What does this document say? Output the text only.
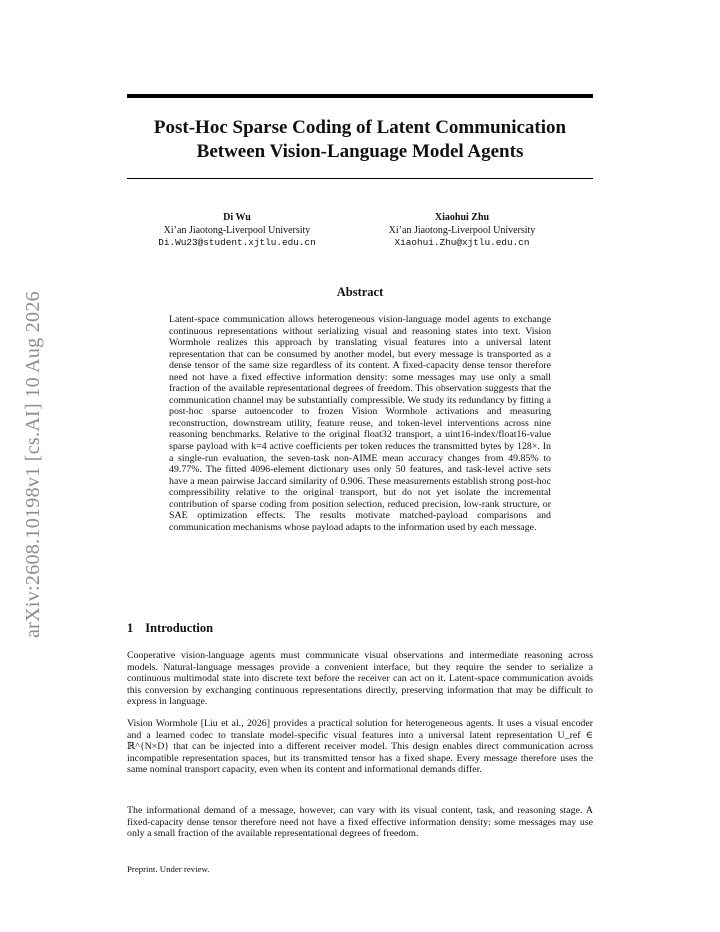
Post-Hoc Sparse Coding of Latent Communication Between Vision-Language Model Agents
Di Wu
Xi’an Jiaotong-Liverpool University
Di.Wu23@student.xjtlu.edu.cn
Xiaohui Zhu
Xi’an Jiaotong-Liverpool University
Xiaohui.Zhu@xjtlu.edu.cn
Abstract
Latent-space communication allows heterogeneous vision-language model agents to exchange continuous representations without serializing visual and reasoning states into text. Vision Wormhole realizes this approach by translating visual features into a universal latent representation that can be consumed by another model, but every message is transported as a dense tensor of the same size regardless of its content. A fixed-capacity dense tensor therefore need not have a fixed effective information density: some messages may use only a small fraction of the available representational degrees of freedom. This observation suggests that the communication channel may be substantially compressible. We study its redundancy by fitting a post-hoc sparse autoencoder to frozen Vision Wormhole activations and measuring reconstruction, downstream utility, feature reuse, and token-level interventions across nine reasoning benchmarks. Relative to the original float32 transport, a uint16-index/float16-value sparse payload with k=4 active coefficients per token reduces the transmitted bytes by 128×. In a single-run evaluation, the seven-task non-AIME mean accuracy changes from 49.85% to 49.77%. The fitted 4096-element dictionary uses only 50 features, and task-level active sets have a mean pairwise Jaccard similarity of 0.906. These measurements establish strong post-hoc compressibility relative to the original transport, but do not yet isolate the incremental contribution of sparse coding from position selection, reduced precision, low-rank structure, or SAE optimization effects. The results motivate matched-payload comparisons and communication mechanisms whose payload adapts to the information used by each message.
arXiv:2608.10198v1 [cs.AI] 10 Aug 2026	1 Introduction
Cooperative vision-language agents must communicate visual observations and intermediate reasoning across models. Natural-language messages provide a convenient interface, but they require the sender to serialize a continuous multimodal state into discrete text before the receiver can act on it. Latent-space communication avoids this conversion by exchanging continuous representations directly, preserving information that may be difficult to express in language.
Vision Wormhole [Liu et al., 2026] provides a practical solution for heterogeneous agents. It uses a visual encoder and a learned codec to translate model-specific visual features into a universal latent representation U_ref ∈ ℝ^{N×D} that can be injected into a different receiver model. This design enables direct communication across incompatible representation spaces, but its transmitted tensor has a fixed shape. Every message therefore uses the same nominal transport capacity, even when its content and informational demands differ.
The informational demand of a message, however, can vary with its visual content, task, and reasoning stage. A fixed-capacity dense tensor therefore need not have a fixed effective information density: some messages may use only a small fraction of the available representational degrees of freedom.
Preprint. Under review.
